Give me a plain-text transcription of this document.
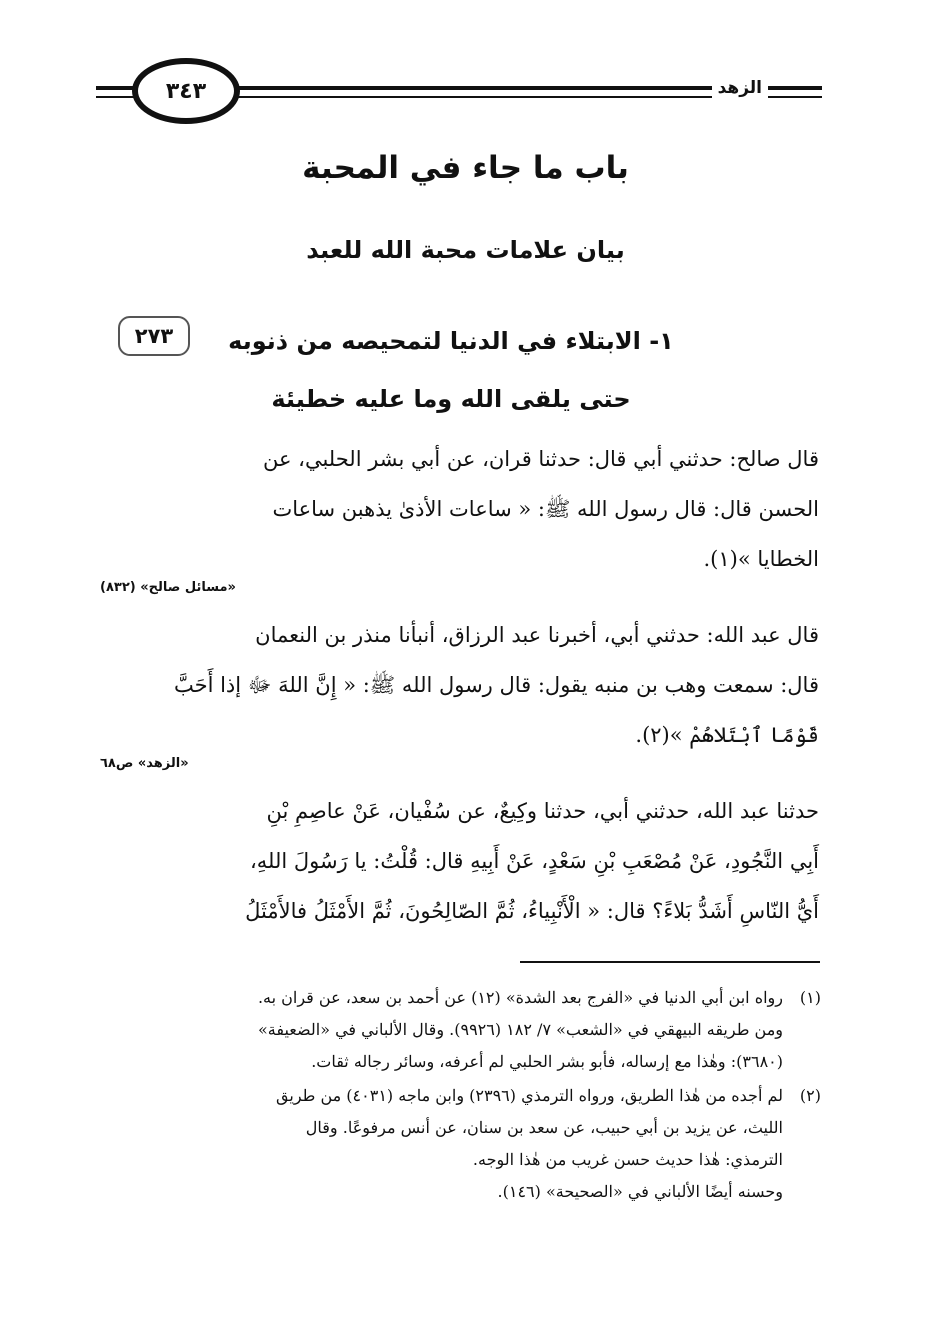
الزهد
٣٤٣
باب ما جاء في المحبة
بيان علامات محبة الله للعبد
٢٧٣ ١- الابتلاء في الدنيا لتمحيصه من ذنوبه
حتى يلقى الله وما عليه خطيئة
قال صالح: حدثني أبي قال: حدثنا قران، عن أبي بشر الحلبي، عن
الحسن قال: قال رسول الله ﷺ: « ساعات الأذىٰ يذهبن ساعات
الخطايا »(١).
«مسائل صالح» (٨٣٢)
قال عبد الله: حدثني أبي، أخبرنا عبد الرزاق، أنبأنا منذر بن النعمان
قال: سمعت وهب بن منبه يقول: قال رسول الله ﷺ: « إِنَّ اللهَ ﷻ إذا أَحَبَّ
قَوْمًا ٱبْتَلاهُمْ »(٢).
«الزهد» ص٦٨
حدثنا عبد الله، حدثني أبي، حدثنا وكِيعٌ، عن سُفْيان، عَنْ عاصِمِ بْنِ
أَبِي النَّجُودِ، عَنْ مُصْعَبِ بْنِ سَعْدٍ، عَنْ أَبِيهِ قال: قُلْتُ: يا رَسُولَ اللهِ،
أَيُّ النّاسِ أَشَدُّ بَلاءً؟ قال: « الْأَنْبِياءُ، ثُمَّ الصّالِحُونَ، ثُمَّ الأَمْثَلُ فالأَمْثَلُ
(١)
رواه ابن أبي الدنيا في «الفرج بعد الشدة» (١٢) عن أحمد بن سعد، عن قران به.
ومن طريقه البيهقي في «الشعب» ٧/ ١٨٢ (٩٩٢٦). وقال الألباني في «الضعيفة»
(٣٦٨٠): وهٰذا مع إرساله، فأبو بشر الحلبي لم أعرفه، وسائر رجاله ثقات.
(٢)
لم أجده من هٰذا الطريق، ورواه الترمذي (٢٣٩٦) وابن ماجه (٤٠٣١) من طريق
الليث، عن يزيد بن أبي حبيب، عن سعد بن سنان، عن أنس مرفوعًا. وقال
الترمذي: هٰذا حديث حسن غريب من هٰذا الوجه.
وحسنه أيضًا الألباني في «الصحيحة» (١٤٦).
